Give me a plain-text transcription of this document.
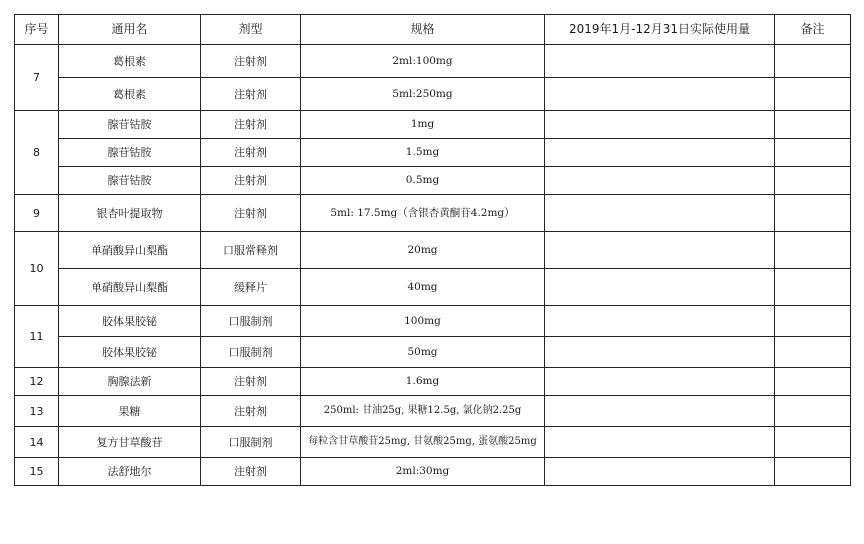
序号	通用名	剂型	规格	2019年1月-12月31日实际使用量	备注
7	葛根素	注射剂	2ml:100mg		
	葛根素	注射剂	5ml:250mg		
8	腺苷钴胺	注射剂	1mg		
	腺苷钴胺	注射剂	1.5mg		
	腺苷钴胺	注射剂	0.5mg		
9	银杏叶提取物	注射剂	5ml: 17.5mg（含银杏黄酮苷4.2mg）		
10	单硝酸异山梨酯	口服常释剂	20mg		
	单硝酸异山梨酯	缓释片	40mg		
11	胶体果胶铋	口服制剂	100mg		
	胶体果胶铋	口服制剂	50mg		
12	胸腺法新	注射剂	1.6mg		
13	果糖	注射剂	250ml: 甘油25g, 果糖12.5g, 氯化钠2.25g		
14	复方甘草酸苷	口服制剂	每粒含甘草酸苷25mg, 甘氨酸25mg, 蛋氨酸25mg		
15	法舒地尔	注射剂	2ml:30mg		
